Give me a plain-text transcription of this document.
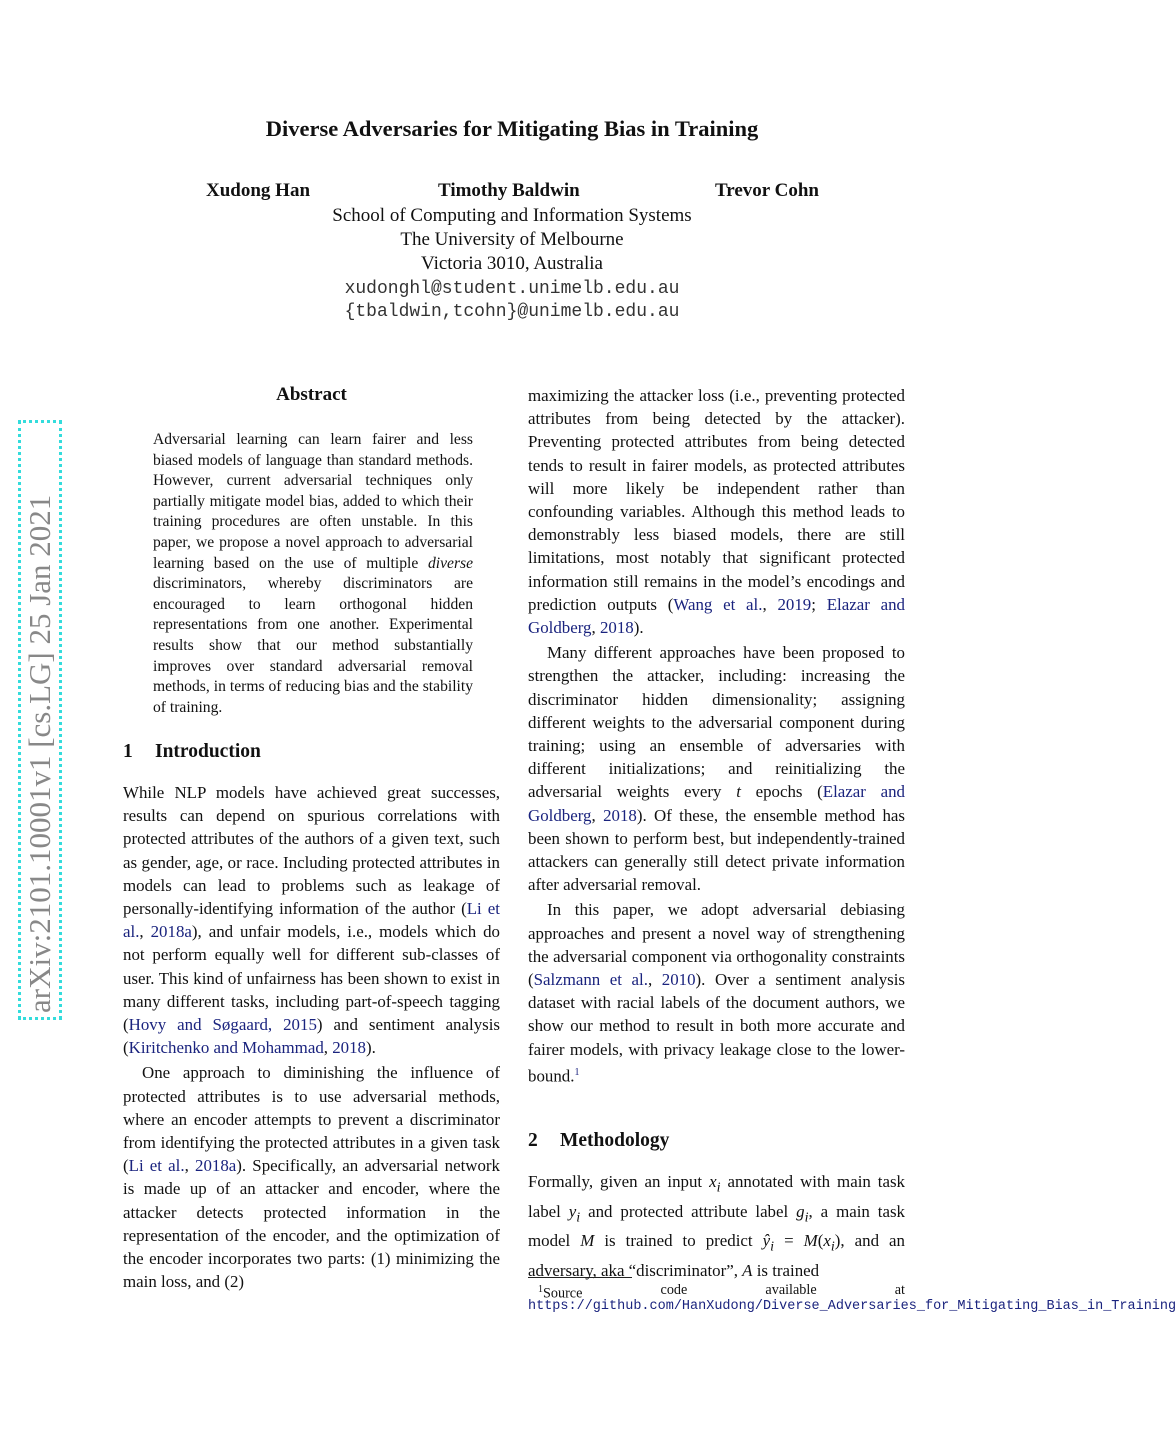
arXiv:2101.10001v1 [cs.LG] 25 Jan 2021
Diverse Adversaries for Mitigating Bias in Training
Xudong Han	Timothy Baldwin	Trevor Cohn
School of Computing and Information Systems
The University of Melbourne
Victoria 3010, Australia
xudonghl@student.unimelb.edu.au
{tbaldwin,tcohn}@unimelb.edu.au
Abstract
Adversarial learning can learn fairer and less biased models of language than standard methods. However, current adversarial techniques only partially mitigate model bias, added to which their training procedures are often unstable. In this paper, we propose a novel approach to adversarial learning based on the use of multiple diverse discriminators, whereby discriminators are encouraged to learn orthogonal hidden representations from one another. Experimental results show that our method substantially improves over standard adversarial removal methods, in terms of reducing bias and the stability of training.
1 Introduction

While NLP models have achieved great successes, results can depend on spurious correlations with protected attributes of the authors of a given text, such as gender, age, or race. Including protected attributes in models can lead to problems such as leakage of personally-identifying information of the author (Li et al., 2018a), and unfair models, i.e., models which do not perform equally well for different sub-classes of user. This kind of unfairness has been shown to exist in many different tasks, including part-of-speech tagging (Hovy and Søgaard, 2015) and sentiment analysis (Kiritchenko and Mohammad, 2018).

One approach to diminishing the influence of protected attributes is to use adversarial methods, where an encoder attempts to prevent a discriminator from identifying the protected attributes in a given task (Li et al., 2018a). Specifically, an adversarial network is made up of an attacker and encoder, where the attacker detects protected information in the representation of the encoder, and the optimization of the encoder incorporates two parts: (1) minimizing the main loss, and (2)

maximizing the attacker loss (i.e., preventing protected attributes from being detected by the attacker). Preventing protected attributes from being detected tends to result in fairer models, as protected attributes will more likely be independent rather than confounding variables. Although this method leads to demonstrably less biased models, there are still limitations, most notably that significant protected information still remains in the model’s encodings and prediction outputs (Wang et al., 2019; Elazar and Goldberg, 2018).

Many different approaches have been proposed to strengthen the attacker, including: increasing the discriminator hidden dimensionality; assigning different weights to the adversarial component during training; using an ensemble of adversaries with different initializations; and reinitializing the adversarial weights every t epochs (Elazar and Goldberg, 2018). Of these, the ensemble method has been shown to perform best, but independently-trained attackers can generally still detect private information after adversarial removal.

In this paper, we adopt adversarial debiasing approaches and present a novel way of strengthening the adversarial component via orthogonality constraints (Salzmann et al., 2010). Over a sentiment analysis dataset with racial labels of the document authors, we show our method to result in both more accurate and fairer models, with privacy leakage close to the lower-bound.$^1$

2 Methodology

Formally, given an input $x_i$ annotated with main task label $y_i$ and protected attribute label $g_i$, a main task model M is trained to predict $ŷ_i = M(x_i)$, and an adversary, aka “discriminator”, A is trained

$^1$Source	code	available	at
https://github.com/HanXudong/Diverse_Adversaries_for_Mitigating_Bias_in_Training
